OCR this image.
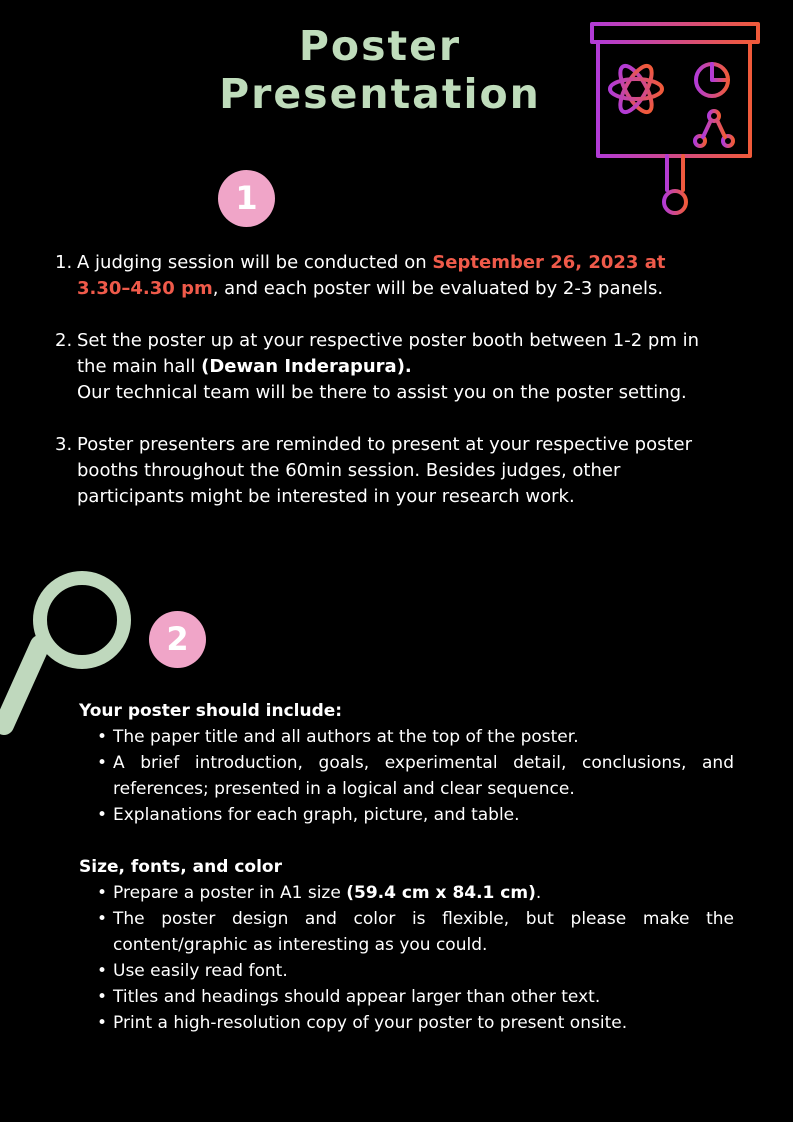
Poster
Presentation
1
1. A judging session will be conducted on September 26, 2023 at 3.30–4.30 pm, and each poster will be evaluated by 2-3 panels.
2. Set the poster up at your respective poster booth between 1-2 pm in the main hall (Dewan Inderapura).
Our technical team will be there to assist you on the poster setting.
3. Poster presenters are reminded to present at your respective poster booths throughout the 60min session. Besides judges, other participants might be interested in your research work.
2
Your poster should include:
• The paper title and all authors at the top of the poster.
• A brief introduction, goals, experimental detail, conclusions, and references; presented in a logical and clear sequence.
• Explanations for each graph, picture, and table.
Size, fonts, and color
• Prepare a poster in A1 size (59.4 cm x 84.1 cm).
• The poster design and color is flexible, but please make the content/graphic as interesting as you could.
• Use easily read font.
• Titles and headings should appear larger than other text.
• Print a high-resolution copy of your poster to present onsite.
